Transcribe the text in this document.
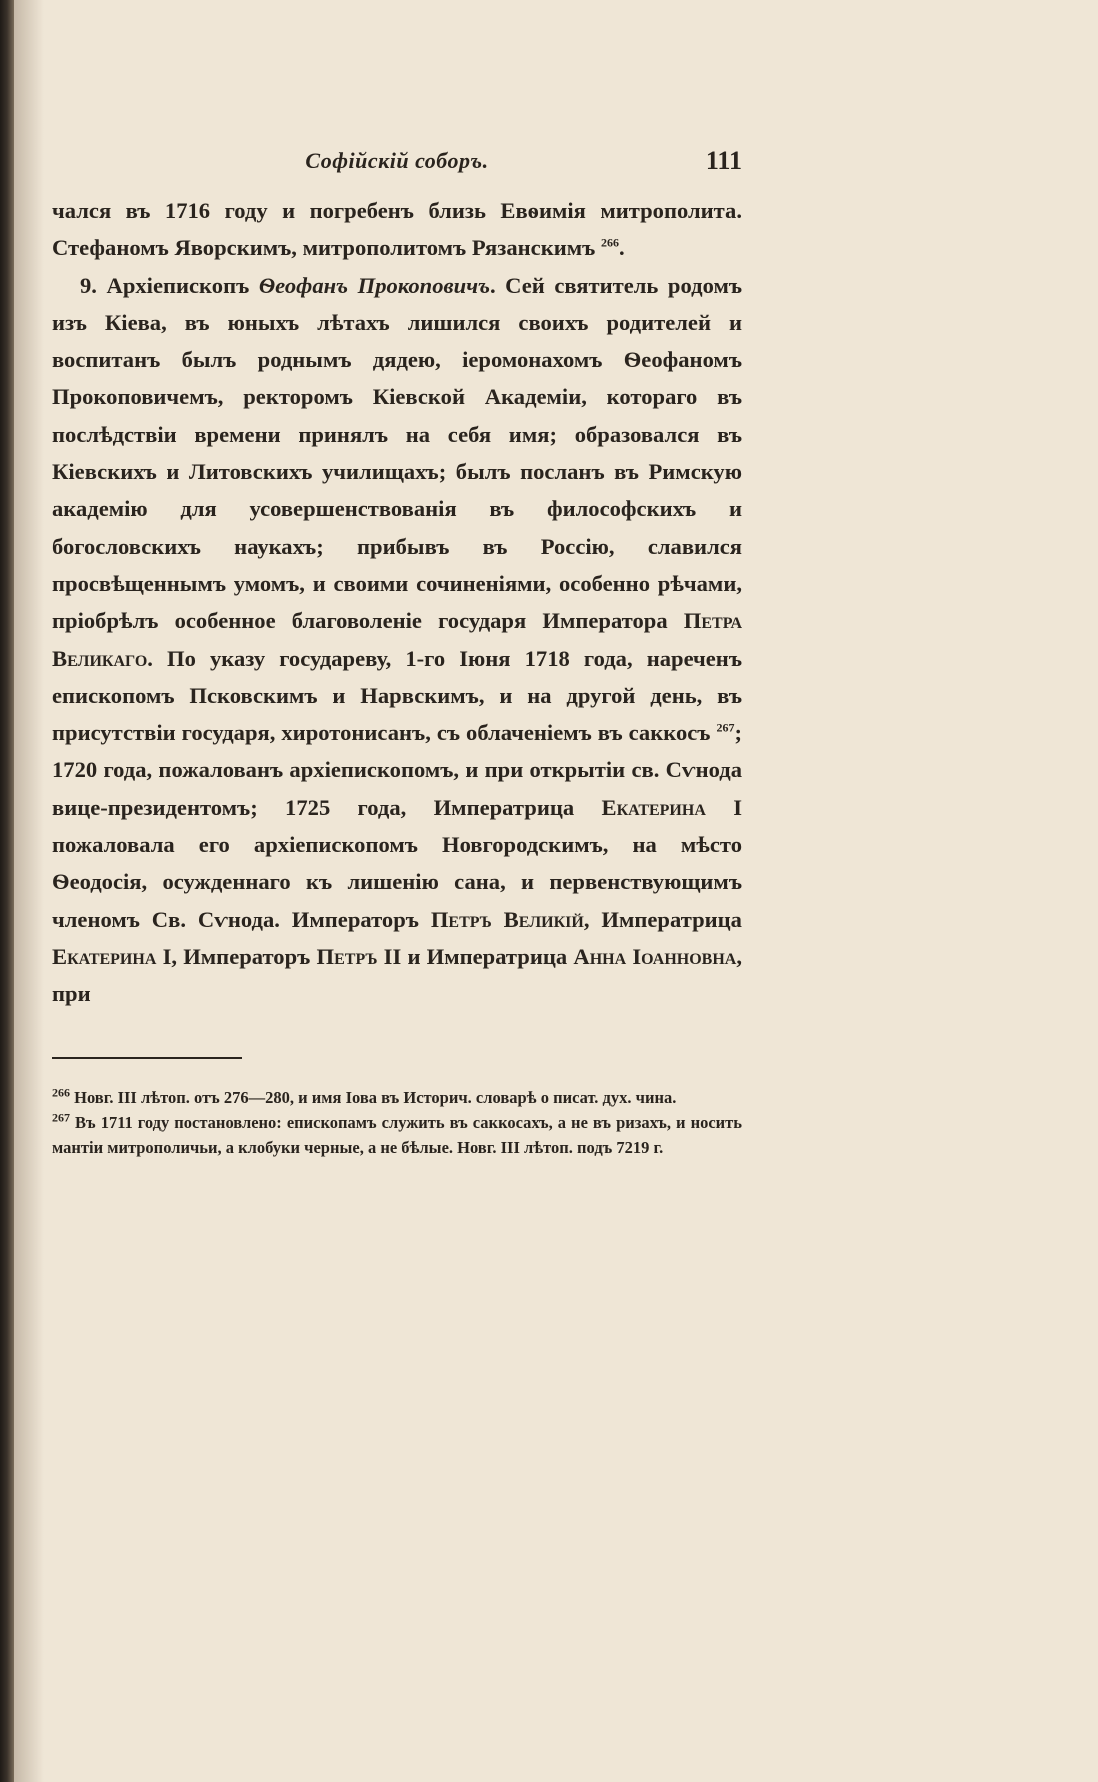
Софійскій соборъ.	111

чался въ 1716 году и погребенъ близь Евѳимія митрополита. Стефаномъ Яворскимъ, митрополитомъ Рязанскимъ $^{266}$.

9. Архіепископъ Ѳеофанъ Прокоповичъ. Сей святитель родомъ изъ Кіева, въ юныхъ лѣтахъ лишился своихъ родителей и воспитанъ былъ роднымъ дядею, іеромонахомъ Ѳеофаномъ Прокоповичемъ, ректоромъ Кіевской Академіи, котораго въ послѣдствіи времени принялъ на себя имя; образовался въ Кіевскихъ и Литовскихъ училищахъ; былъ посланъ въ Римскую академію для усовершенствованія въ философскихъ и богословскихъ наукахъ; прибывъ въ Россію, славился просвѣщеннымъ умомъ, и своими сочиненіями, особенно рѣчами, пріобрѣлъ особенное благоволеніе государя Императора Петра Великаго. По указу государеву, 1-го Іюня 1718 года, нареченъ епископомъ Псковскимъ и Нарвскимъ, и на другой день, въ присутствіи государя, хиротонисанъ, съ облаченіемъ въ саккосъ $^{267}$; 1720 года, пожалованъ архіепископомъ, и при открытіи св. Сѵнода вице-президентомъ; 1725 года, Императрица Екатерина I пожаловала его архіепископомъ Новгородскимъ, на мѣсто Ѳеодосія, осужденнаго къ лишенію сана, и первенствующимъ членомъ Св. Сѵнода. Императоръ Петръ Великій, Императрица Екатерина I, Императоръ Петръ II и Императрица Анна Іоанновна, при

$^{266}$ Новг. III лѣтоп. отъ 276—280, и имя Іова въ Историч. словарѣ о писат. дух. чина.

$^{267}$ Въ 1711 году постановлено: епископамъ служить въ саккосахъ, а не въ ризахъ, и носить мантіи митрополичьи, а клобуки черные, а не бѣлые. Новг. III лѣтоп. подъ 7219 г.
